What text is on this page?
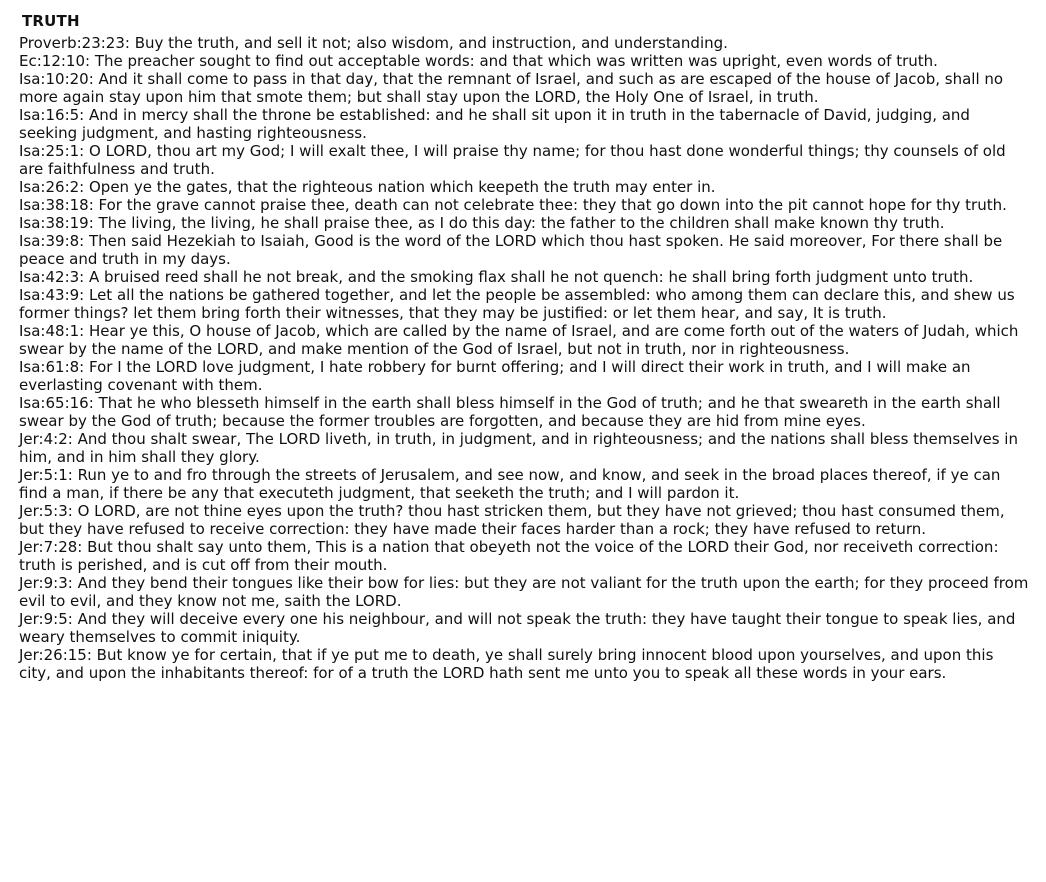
TRUTH
Proverb:23:23: Buy the truth, and sell it not; also wisdom, and instruction, and understanding.
Ec:12:10: The preacher sought to find out acceptable words: and that which was written was upright, even words of truth.
Isa:10:20: And it shall come to pass in that day, that the remnant of Israel, and such as are escaped of the house of Jacob, shall no more again stay upon him that smote them; but shall stay upon the LORD, the Holy One of Israel, in truth.
Isa:16:5: And in mercy shall the throne be established: and he shall sit upon it in truth in the tabernacle of David, judging, and seeking judgment, and hasting righteousness.
Isa:25:1: O LORD, thou art my God; I will exalt thee, I will praise thy name; for thou hast done wonderful things; thy counsels of old are faithfulness and truth.
Isa:26:2: Open ye the gates, that the righteous nation which keepeth the truth may enter in.
Isa:38:18: For the grave cannot praise thee, death can not celebrate thee: they that go down into the pit cannot hope for thy truth.
Isa:38:19: The living, the living, he shall praise thee, as I do this day: the father to the children shall make known thy truth.
Isa:39:8: Then said Hezekiah to Isaiah, Good is the word of the LORD which thou hast spoken. He said moreover, For there shall be peace and truth in my days.
Isa:42:3: A bruised reed shall he not break, and the smoking flax shall he not quench: he shall bring forth judgment unto truth.
Isa:43:9: Let all the nations be gathered together, and let the people be assembled: who among them can declare this, and shew us former things? let them bring forth their witnesses, that they may be justified: or let them hear, and say, It is truth.
Isa:48:1: Hear ye this, O house of Jacob, which are called by the name of Israel, and are come forth out of the waters of Judah, which swear by the name of the LORD, and make mention of the God of Israel, but not in truth, nor in righteousness.
Isa:61:8: For I the LORD love judgment, I hate robbery for burnt offering; and I will direct their work in truth, and I will make an everlasting covenant with them.
Isa:65:16: That he who blesseth himself in the earth shall bless himself in the God of truth; and he that sweareth in the earth shall swear by the God of truth; because the former troubles are forgotten, and because they are hid from mine eyes.
Jer:4:2: And thou shalt swear, The LORD liveth, in truth, in judgment, and in righteousness; and the nations shall bless themselves in him, and in him shall they glory.
Jer:5:1: Run ye to and fro through the streets of Jerusalem, and see now, and know, and seek in the broad places thereof, if ye can find a man, if there be any that executeth judgment, that seeketh the truth; and I will pardon it.
Jer:5:3: O LORD, are not thine eyes upon the truth? thou hast stricken them, but they have not grieved; thou hast consumed them, but they have refused to receive correction: they have made their faces harder than a rock; they have refused to return.
Jer:7:28: But thou shalt say unto them, This is a nation that obeyeth not the voice of the LORD their God, nor receiveth correction: truth is perished, and is cut off from their mouth.
Jer:9:3: And they bend their tongues like their bow for lies: but they are not valiant for the truth upon the earth; for they proceed from evil to evil, and they know not me, saith the LORD.
Jer:9:5: And they will deceive every one his neighbour, and will not speak the truth: they have taught their tongue to speak lies, and weary themselves to commit iniquity.
Jer:26:15: But know ye for certain, that if ye put me to death, ye shall surely bring innocent blood upon yourselves, and upon this city, and upon the inhabitants thereof: for of a truth the LORD hath sent me unto you to speak all these words in your ears.
